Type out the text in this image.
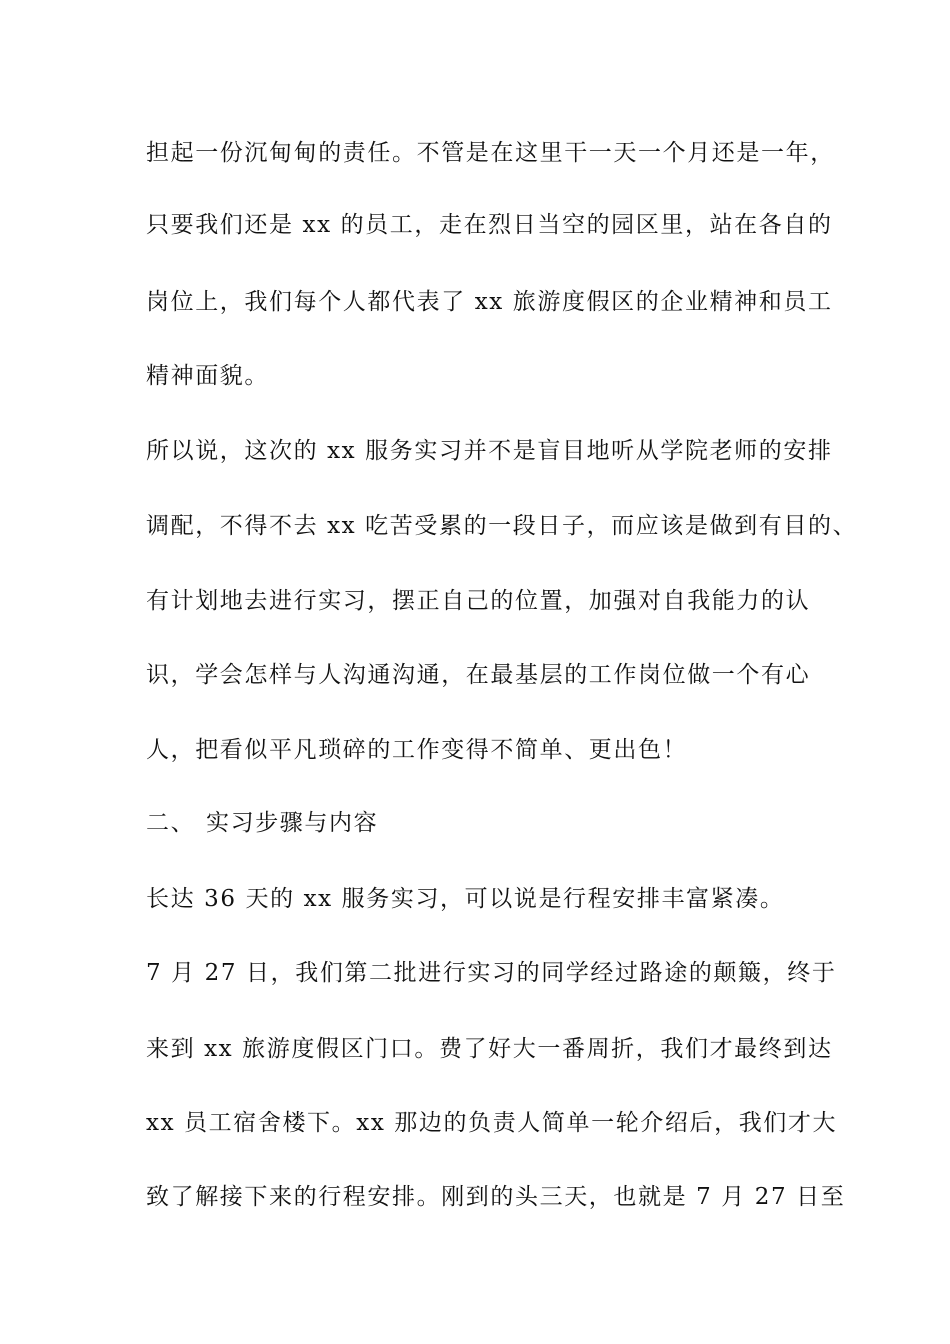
担起一份沉甸甸的责任。不管是在这里干一天一个月还是一年，
只要我们还是 xx 的员工，走在烈日当空的园区里，站在各自的
岗位上，我们每个人都代表了 xx 旅游度假区的企业精神和员工
精神面貌。
所以说，这次的 xx 服务实习并不是盲目地听从学院老师的安排
调配，不得不去 xx 吃苦受累的一段日子，而应该是做到有目的、
有计划地去进行实习，摆正自己的位置，加强对自我能力的认
识，学会怎样与人沟通沟通，在最基层的工作岗位做一个有心
人，把看似平凡琐碎的工作变得不简单、更出色！
二、 实习步骤与内容
长达 36 天的 xx 服务实习，可以说是行程安排丰富紧凑。
7 月 27 日，我们第二批进行实习的同学经过路途的颠簸，终于
来到 xx 旅游度假区门口。费了好大一番周折，我们才最终到达
xx 员工宿舍楼下。xx 那边的负责人简单一轮介绍后，我们才大
致了解接下来的行程安排。刚到的头三天，也就是 7 月 27 日至
